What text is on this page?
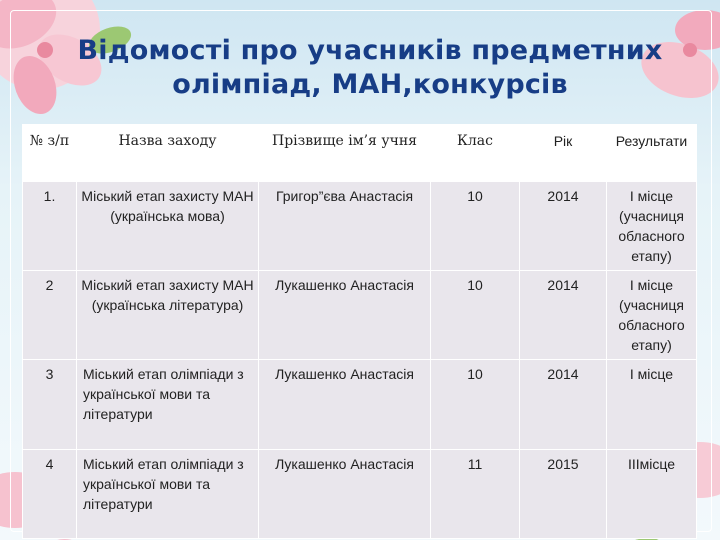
Відомості про учасників предметних
олімпіад, МАН,конкурсів
№ з/п	Назва заходу	Прізвище ім’я учня	Клас	Рік	Результати
1.	Міський етап захисту МАН (українська мова)	Григор”єва Анастасія	10	2014	І місце (учасниця обласного етапу)
2	Міський етап захисту МАН (українська література)	Лукашенко Анастасія	10	2014	І місце (учасниця обласного етапу)
3	Міський етап олімпіади з української мови та літератури	Лукашенко Анастасія	10	2014	І місце
4	Міський етап олімпіади з української мови та літератури	Лукашенко Анастасія	11	2015	ІІІмісце
